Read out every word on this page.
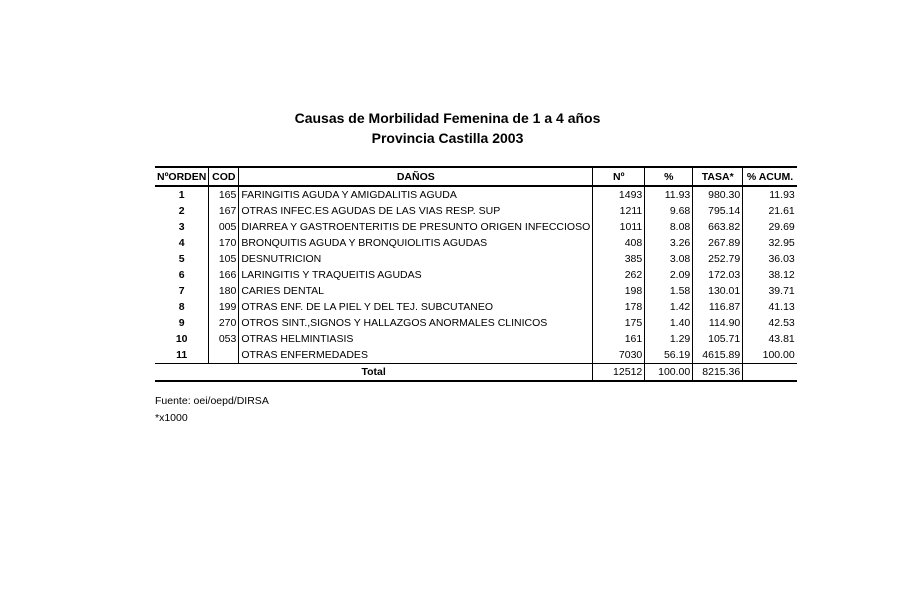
Causas de Morbilidad Femenina de 1 a 4 años
Provincia Castilla 2003
NºORDEN	COD	DAÑOS	Nº	%	TASA*	% ACUM.
1	165	FARINGITIS AGUDA Y AMIGDALITIS AGUDA	1493	11.93	980.30	11.93
2	167	OTRAS INFEC.ES AGUDAS DE LAS VIAS RESP. SUP	1211	9.68	795.14	21.61
3	005	DIARREA Y GASTROENTERITIS DE PRESUNTO ORIGEN INFECCIOSO	1011	8.08	663.82	29.69
4	170	BRONQUITIS AGUDA Y BRONQUIOLITIS AGUDAS	408	3.26	267.89	32.95
5	105	DESNUTRICION	385	3.08	252.79	36.03
6	166	LARINGITIS Y TRAQUEITIS AGUDAS	262	2.09	172.03	38.12
7	180	CARIES DENTAL	198	1.58	130.01	39.71
8	199	OTRAS ENF. DE LA PIEL Y DEL TEJ. SUBCUTANEO	178	1.42	116.87	41.13
9	270	OTROS SINT.,SIGNOS Y HALLAZGOS ANORMALES CLINICOS	175	1.40	114.90	42.53
10	053	OTRAS HELMINTIASIS	161	1.29	105.71	43.81
11		OTRAS ENFERMEDADES	7030	56.19	4615.89	100.00
Total			12512	100.00	8215.36	
Fuente: oei/oepd/DIRSA
*x1000
